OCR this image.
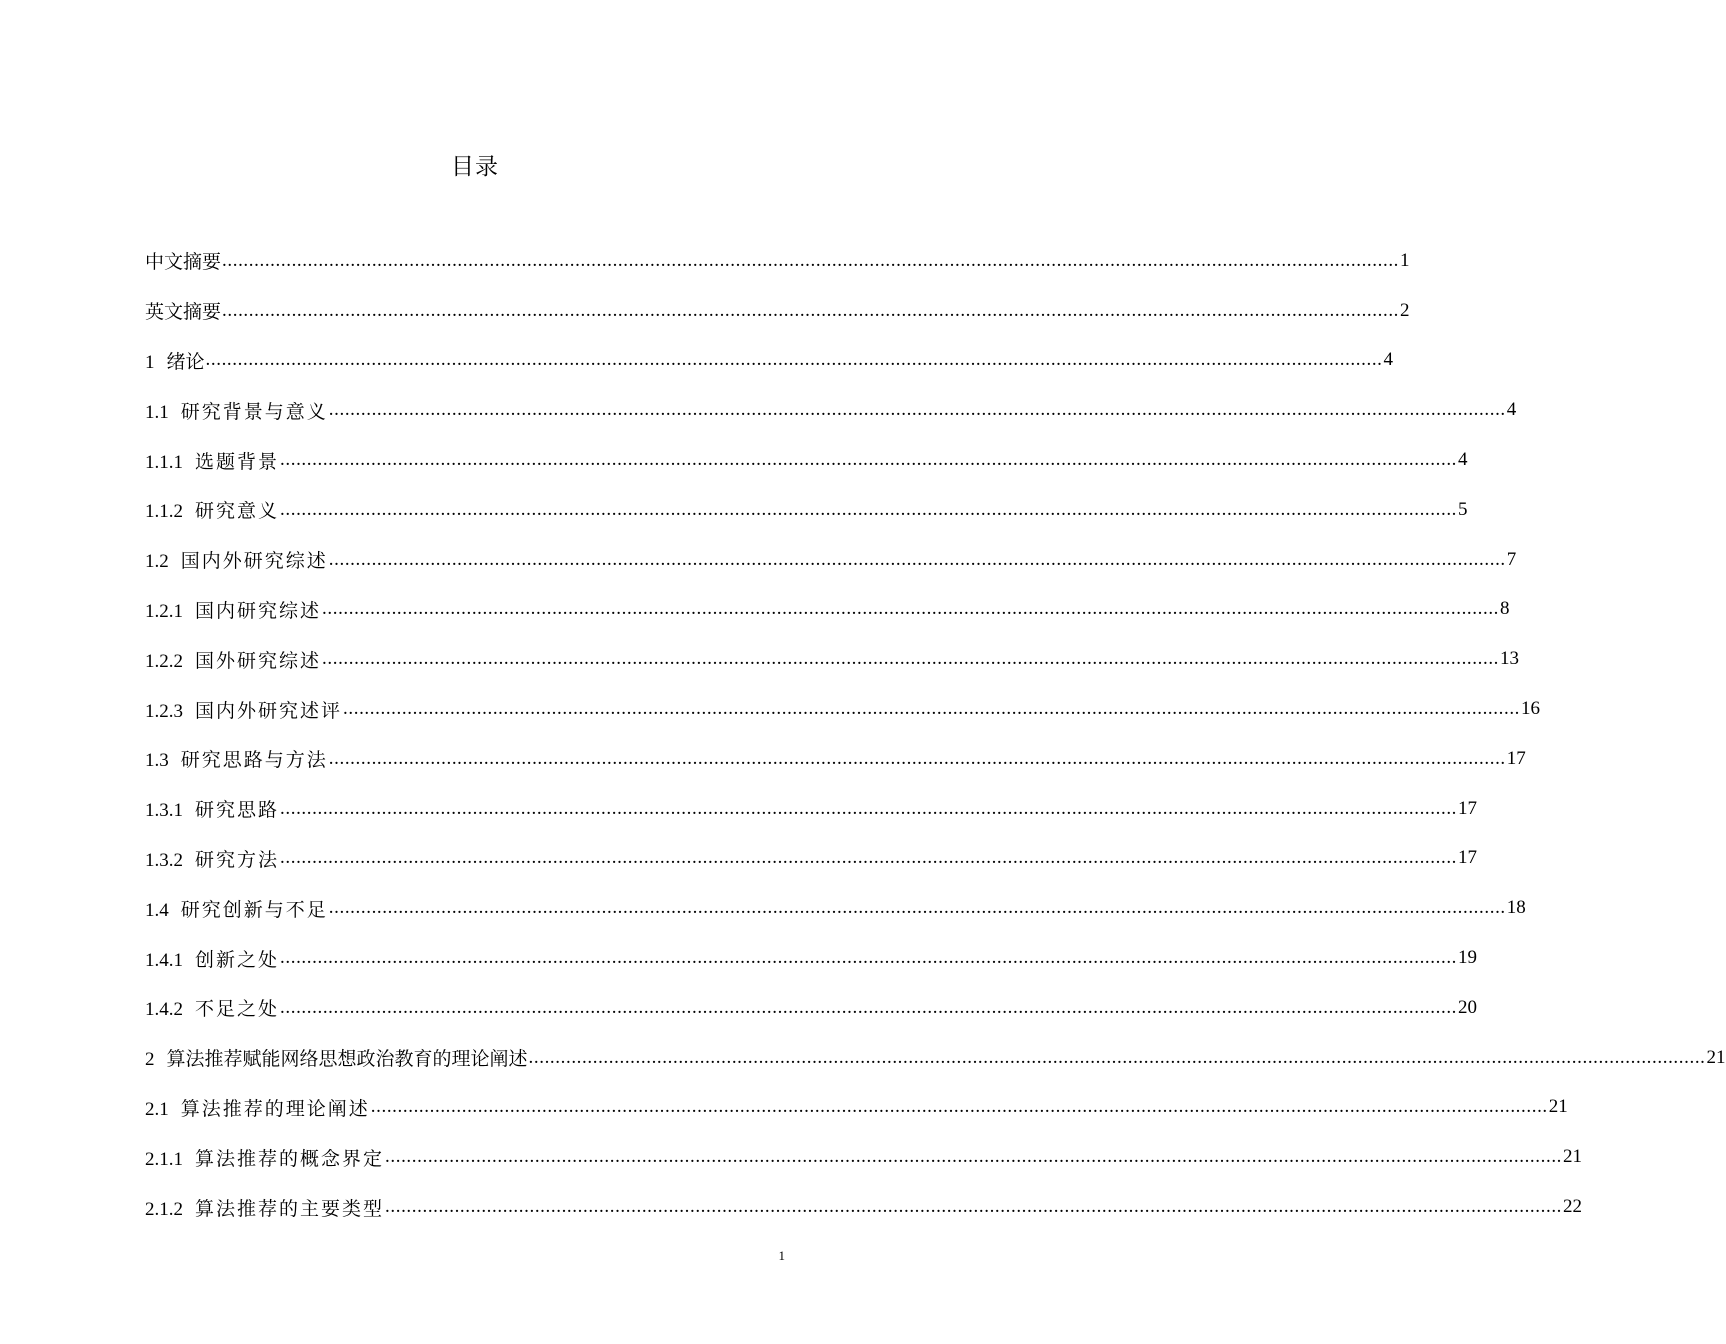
目录
中文摘要 ............................................................................................................................................................................................................................ 1
英文摘要 ............................................................................................................................................................................................................................ 2
1 绪论 ............................................................................................................................................................................................................................ 4
1.1 研究背景与意义 ............................................................................................................................................................................................................................ 4
1.1.1 选题背景 ............................................................................................................................................................................................................................ 4
1.1.2 研究意义 ............................................................................................................................................................................................................................ 5
1.2 国内外研究综述 ............................................................................................................................................................................................................................ 7
1.2.1 国内研究综述 ............................................................................................................................................................................................................................ 8
1.2.2 国外研究综述 ............................................................................................................................................................................................................................ 13
1.2.3 国内外研究述评 ............................................................................................................................................................................................................................ 16
1.3 研究思路与方法 ............................................................................................................................................................................................................................ 17
1.3.1 研究思路 ............................................................................................................................................................................................................................ 17
1.3.2 研究方法 ............................................................................................................................................................................................................................ 17
1.4 研究创新与不足 ............................................................................................................................................................................................................................ 18
1.4.1 创新之处 ............................................................................................................................................................................................................................ 19
1.4.2 不足之处 ............................................................................................................................................................................................................................ 20
2 算法推荐赋能网络思想政治教育的理论阐述 ............................................................................................................................................................................................................................ 21
2.1 算法推荐的理论阐述 ............................................................................................................................................................................................................................ 21
2.1.1 算法推荐的概念界定 ............................................................................................................................................................................................................................ 21
2.1.2 算法推荐的主要类型 ............................................................................................................................................................................................................................ 22
1
